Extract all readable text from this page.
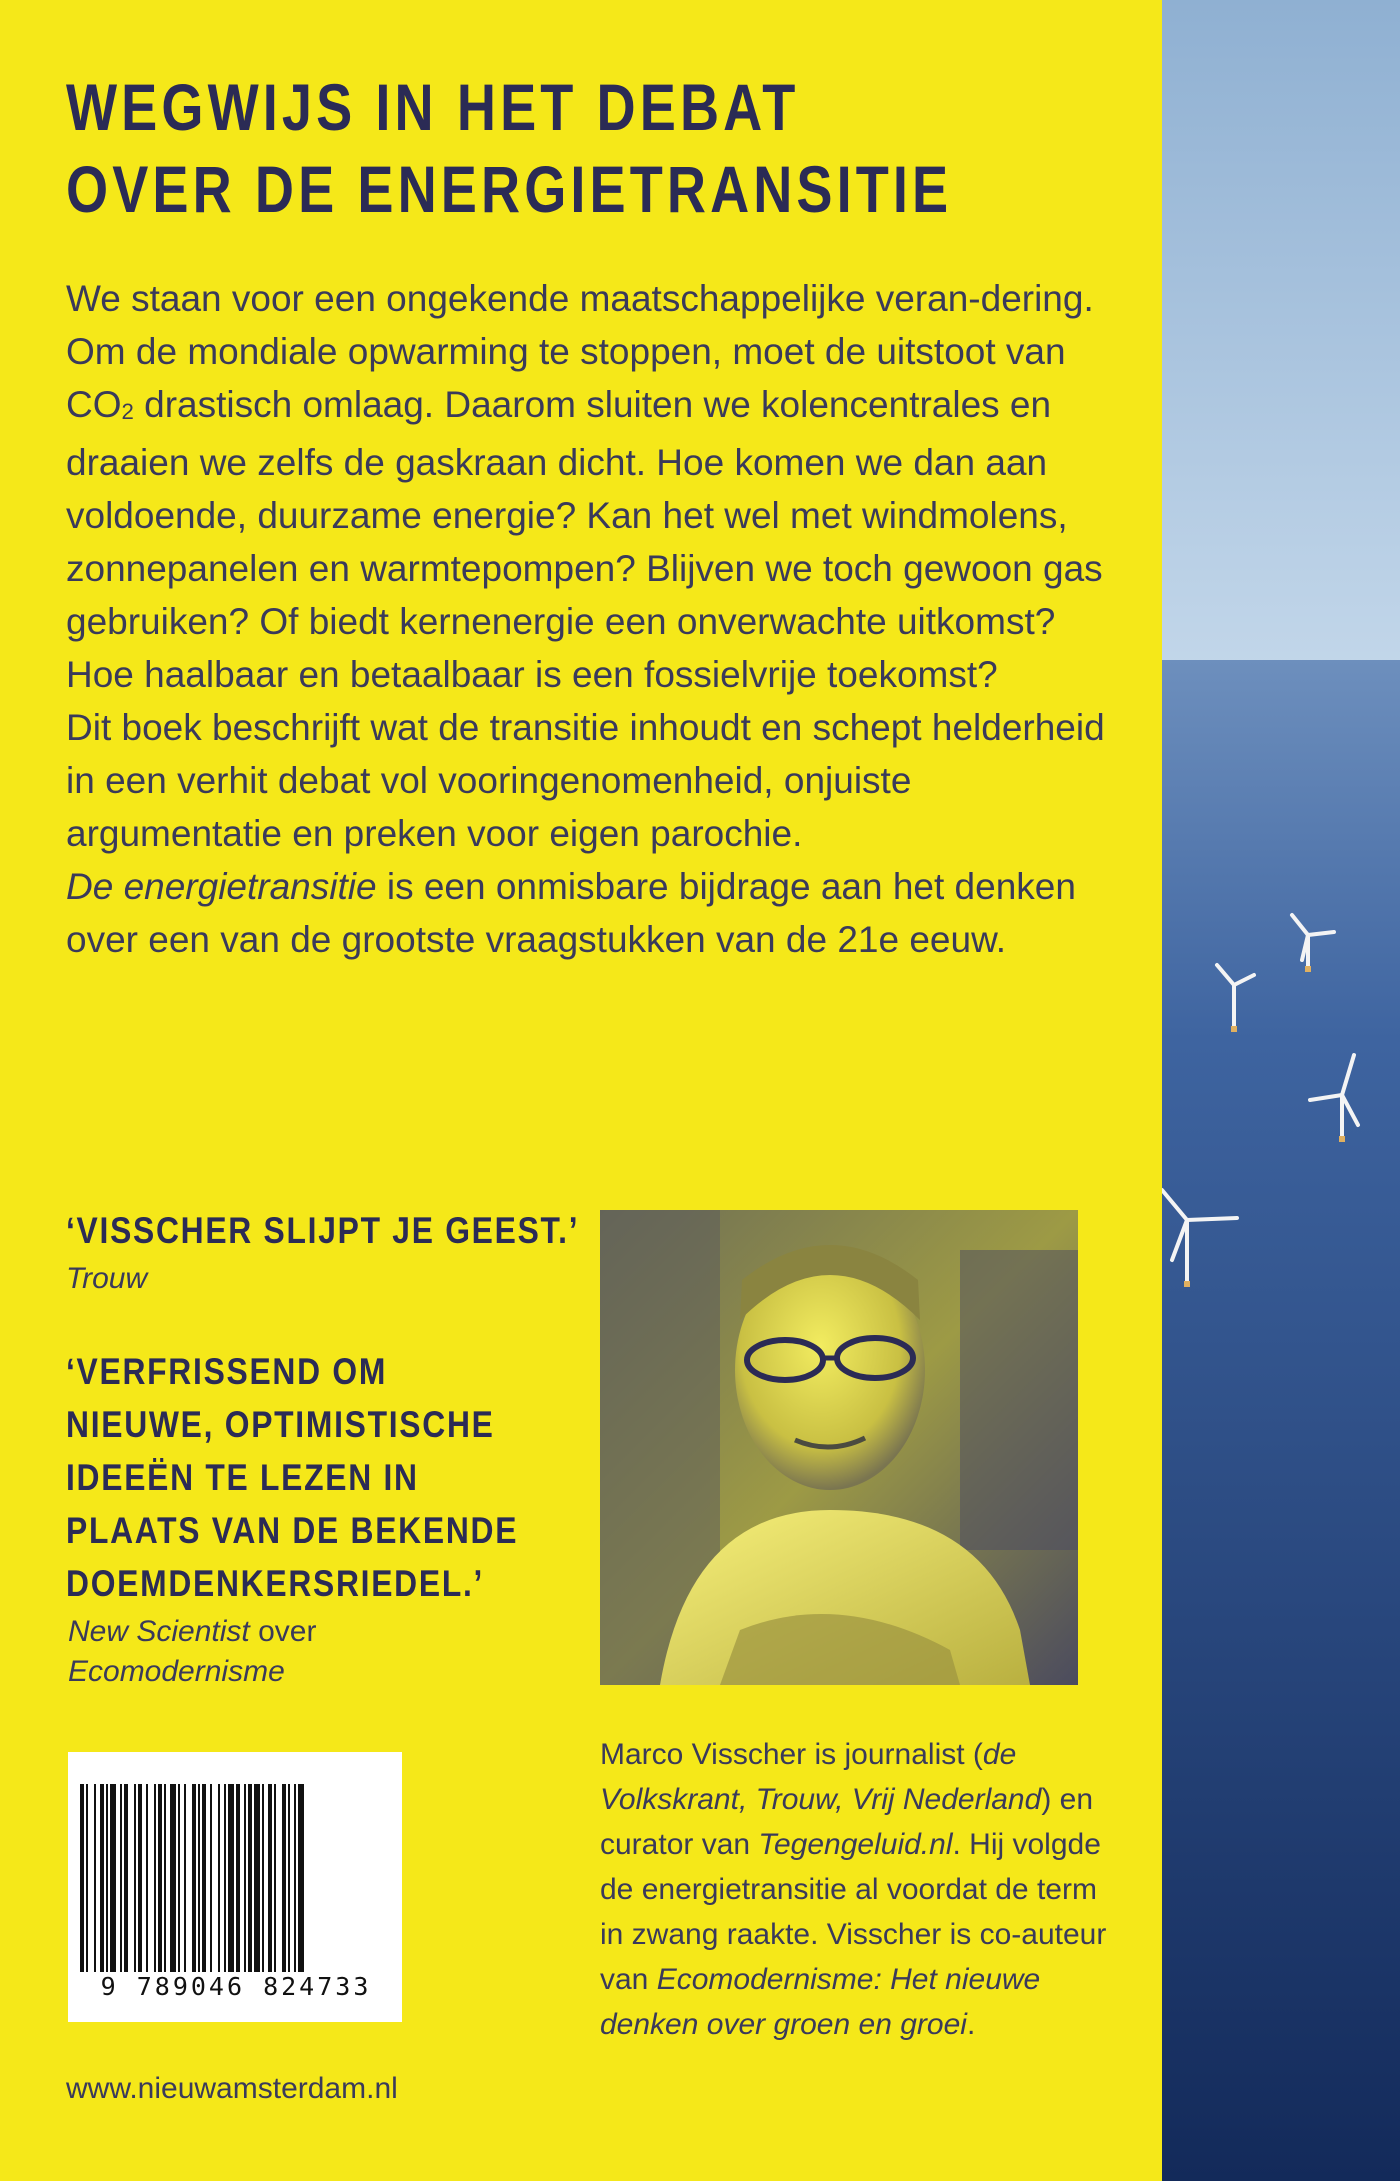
WEGWIJS IN HET DEBAT
OVER DE ENERGIETRANSITIE

We staan voor een ongekende maatschappelijke veran-dering. Om de mondiale opwarming te stoppen, moet de uitstoot van $CO_2$ drastisch omlaag. Daarom sluiten we kolencentrales en draaien we zelfs de gaskraan dicht. Hoe komen we dan aan voldoende, duurzame energie? Kan het wel met windmolens, zonnepanelen en warmtepompen? Blijven we toch gewoon gas gebruiken? Of biedt kernenergie een onverwachte uitkomst? Hoe haalbaar en betaalbaar is een fossielvrije toekomst?

Dit boek beschrijft wat de transitie inhoudt en schept helderheid in een verhit debat vol vooringenomenheid, onjuiste argumentatie en preken voor eigen parochie.

De energietransitie is een onmisbare bijdrage aan het denken over een van de grootste vraagstukken van de 21e eeuw.

‘VISSCHER SLIJPT JE GEEST.’
Trouw
‘VERFRISSEND OM
NIEUWE, OPTIMISTISCHE
IDEEËN TE LEZEN IN
PLAATS VAN DE BEKENDE
DOEMDENKERSRIEDEL.’
New Scientist over
Ecomodernisme
Marco Visscher is journalist (de Volkskrant, Trouw, Vrij Nederland) en curator van Tegengeluid.nl. Hij volgde de energietransitie al voordat de term in zwang raakte. Visscher is co-auteur van Ecomodernisme: Het nieuwe denken over groen en groei.
9 789046 824733
www.nieuwamsterdam.nl
